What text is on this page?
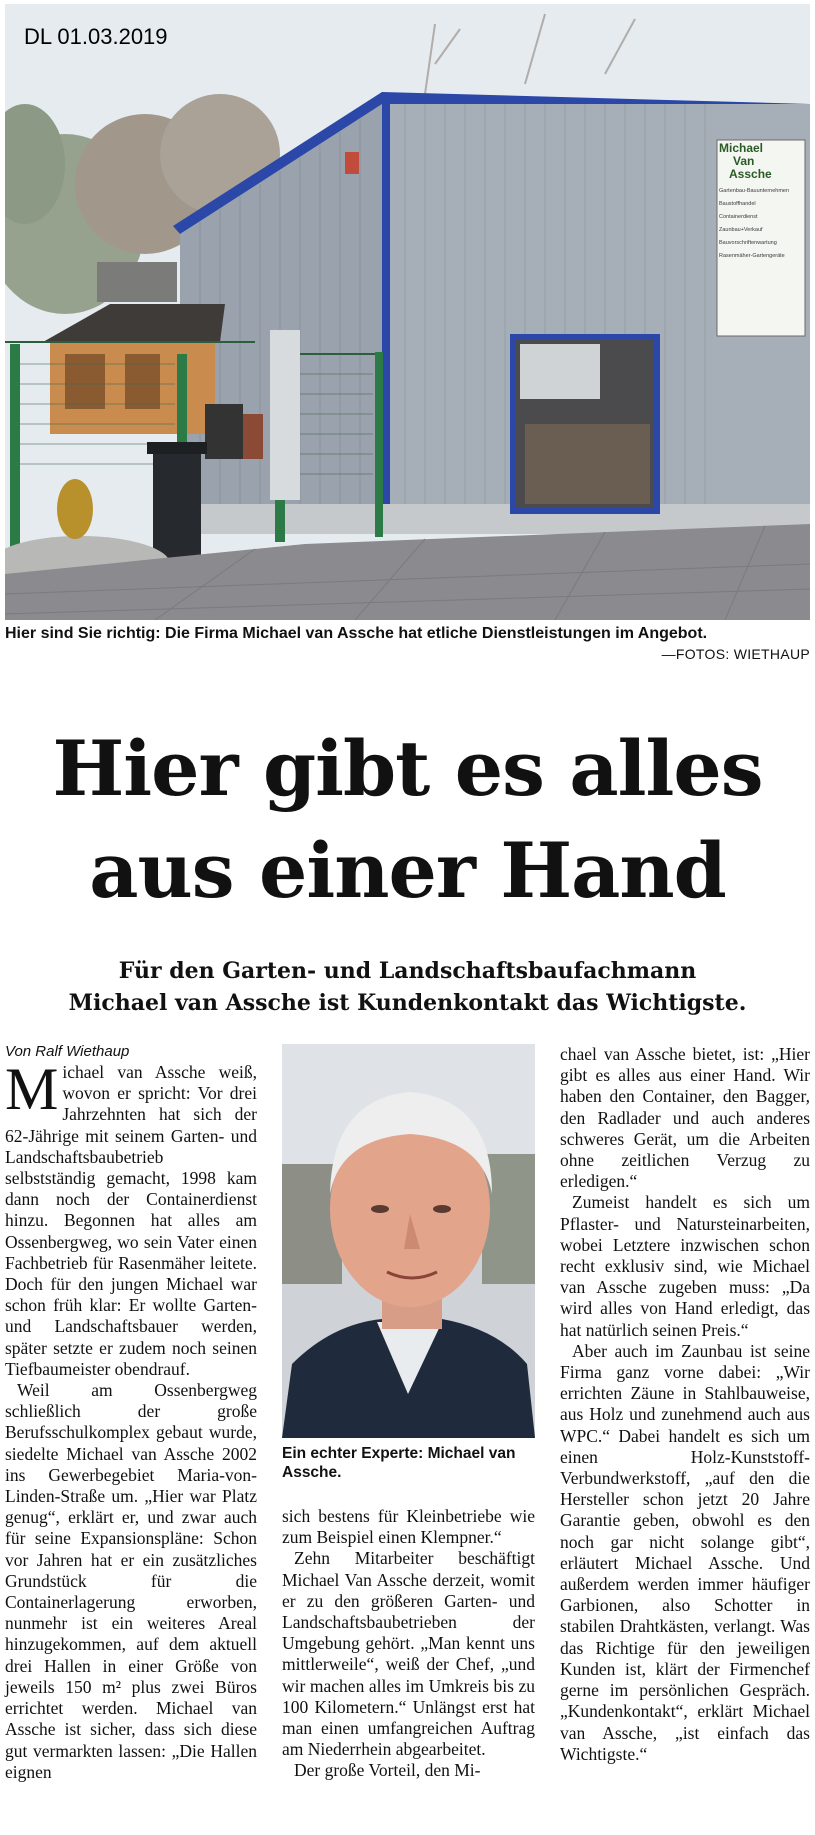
Michael
Van
Assche
Gartenbau-Bauunternehmen
Baustoffhandel
Containerdienst
Zaunbau+Verkauf
Bauvorschriftenwartung
Rasenmäher-Gartengeräte
DL 01.03.2019
Hier sind Sie richtig: Die Firma Michael van Assche hat etliche Dienstleistungen im Angebot.
—FOTOS: WIETHAUP
Hier gibt es alles
aus einer Hand
Für den Garten- und Landschaftsbaufachmann
Michael van Assche ist Kundenkontakt das Wichtigste.
Von Ralf Wiethaup

Michael van Assche weiß, wovon er spricht: Vor drei Jahrzehnten hat sich der 62-Jährige mit seinem Garten- und Landschaftsbaubetrieb selbstständig gemacht, 1998 kam dann noch der Containerdienst hinzu. Begonnen hat alles am Ossenbergweg, wo sein Vater einen Fachbetrieb für Rasenmäher leitete. Doch für den jungen Michael war schon früh klar: Er wollte Garten- und Landschaftsbauer werden, später setzte er zudem noch seinen Tiefbaumeister obendrauf.

Weil am Ossenbergweg schließlich der große Berufsschulkomplex gebaut wurde, siedelte Michael van Assche 2002 ins Gewerbegebiet Maria-von-Linden-Straße um. „Hier war Platz genug“, erklärt er, und zwar auch für seine Expansionspläne: Schon vor Jahren hat er ein zusätzliches Grundstück für die Containerlagerung erworben, nunmehr ist ein weiteres Areal hinzugekommen, auf dem aktuell drei Hallen in einer Größe von jeweils 150 m² plus zwei Büros errichtet werden. Michael van Assche ist sicher, dass sich diese gut vermarkten lassen: „Die Hallen eignen

Ein echter Experte: Michael van Assche.

sich bestens für Kleinbetriebe wie zum Beispiel einen Klempner.“

Zehn Mitarbeiter beschäftigt Michael Van Assche derzeit, womit er zu den größeren Garten- und Landschaftsbaubetrieben der Umgebung gehört. „Man kennt uns mittlerweile“, weiß der Chef, „und wir machen alles im Umkreis bis zu 100 Kilometern.“ Unlängst erst hat man einen umfangreichen Auftrag am Niederrhein abgearbeitet.

Der große Vorteil, den Mi-

chael van Assche bietet, ist: „Hier gibt es alles aus einer Hand. Wir haben den Container, den Bagger, den Radlader und auch anderes schweres Gerät, um die Arbeiten ohne zeitlichen Verzug zu erledigen.“

Zumeist handelt es sich um Pflaster- und Natursteinarbeiten, wobei Letztere inzwischen schon recht exklusiv sind, wie Michael van Assche zugeben muss: „Da wird alles von Hand erledigt, das hat natürlich seinen Preis.“

Aber auch im Zaunbau ist seine Firma ganz vorne dabei: „Wir errichten Zäune in Stahlbauweise, aus Holz und zunehmend auch aus WPC.“ Dabei handelt es sich um einen Holz-Kunststoff-Verbundwerkstoff, „auf den die Hersteller schon jetzt 20 Jahre Garantie geben, obwohl es den noch gar nicht solange gibt“, erläutert Michael Assche. Und außerdem werden immer häufiger Garbionen, also Schotter in stabilen Drahtkästen, verlangt. Was das Richtige für den jeweiligen Kunden ist, klärt der Firmenchef gerne im persönlichen Gespräch. „Kundenkontakt“, erklärt Michael van Assche, „ist einfach das Wichtigste.“
